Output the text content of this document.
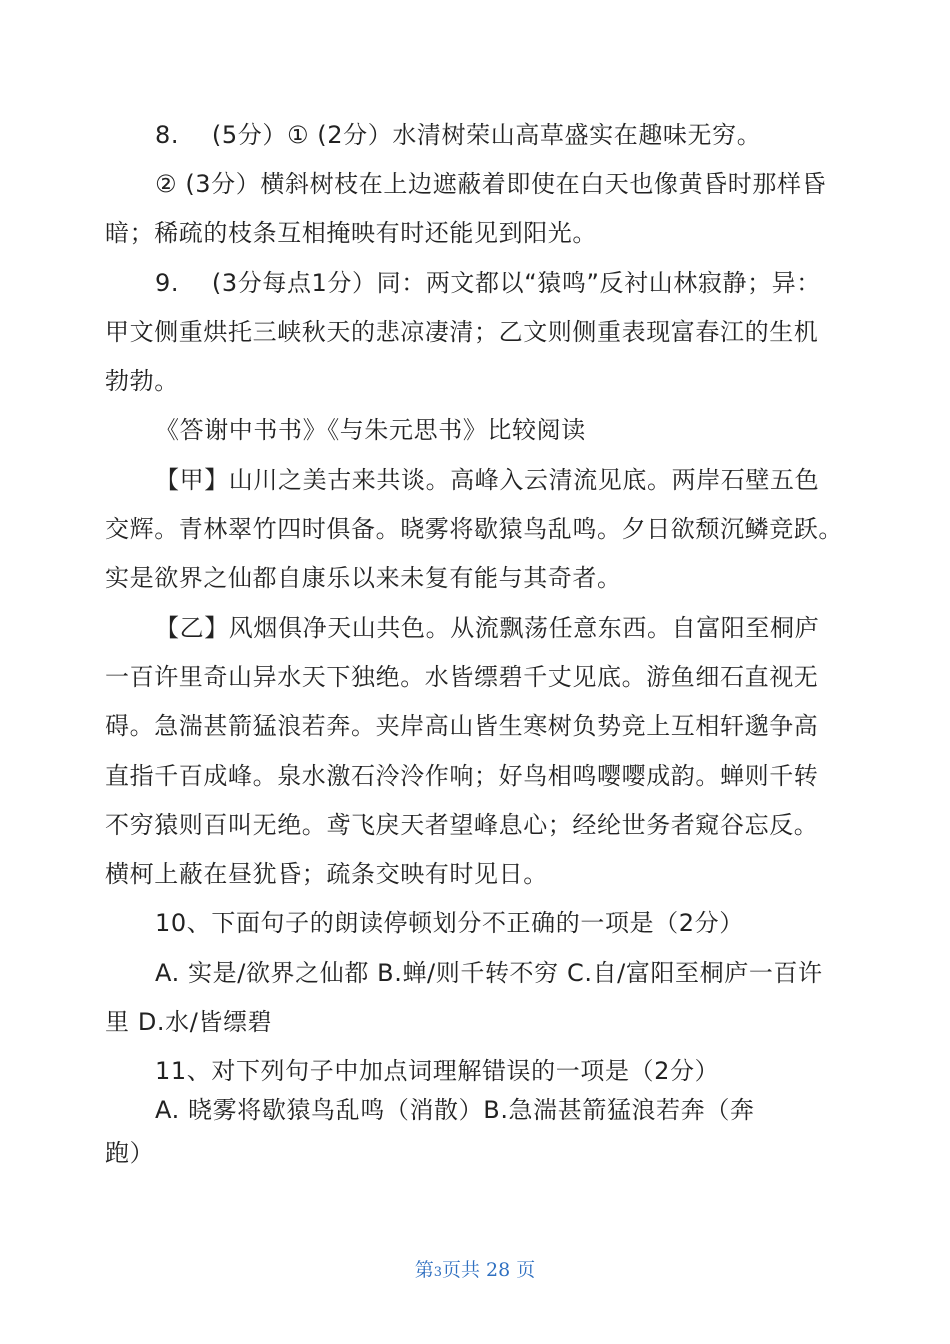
8.  (5分）① (2分）水清树荣山高草盛实在趣味无穷。
② (3分）横斜树枝在上边遮蔽着即使在白天也像黄昏时那样昏
暗；稀疏的枝条互相掩映有时还能见到阳光。
9.  (3分每点1分）同：两文都以“猿鸣”反衬山林寂静；异：
甲文侧重烘托三峡秋天的悲凉凄清；乙文则侧重表现富春江的生机
勃勃。
《答谢中书书》《与朱元思书》比较阅读
【甲】山川之美古来共谈。高峰入云清流见底。两岸石壁五色
交辉。青林翠竹四时俱备。晓雾将歇猿鸟乱鸣。夕日欲颓沉鳞竞跃。
实是欲界之仙都自康乐以来未复有能与其奇者。
【乙】风烟俱净天山共色。从流飘荡任意东西。自富阳至桐庐
一百许里奇山异水天下独绝。水皆缥碧千丈见底。游鱼细石直视无
碍。急湍甚箭猛浪若奔。夹岸高山皆生寒树负势竞上互相轩邈争高
直指千百成峰。泉水激石泠泠作响；好鸟相鸣嘤嘤成韵。蝉则千转
不穷猿则百叫无绝。鸢飞戾天者望峰息心；经纶世务者窥谷忘反。
横柯上蔽在昼犹昏；疏条交映有时见日。
10、下面句子的朗读停顿划分不正确的一项是（2分）
A. 实是/欲界之仙都 B.蝉/则千转不穷 C.自/富阳至桐庐一百许
里 D.水/皆缥碧
11、对下列句子中加点词理解错误的一项是（2分）
A. 晓雾将歇猿鸟乱鸣（消散）B.急湍甚箭猛浪若奔（奔
跑）
第3页共 28 页
